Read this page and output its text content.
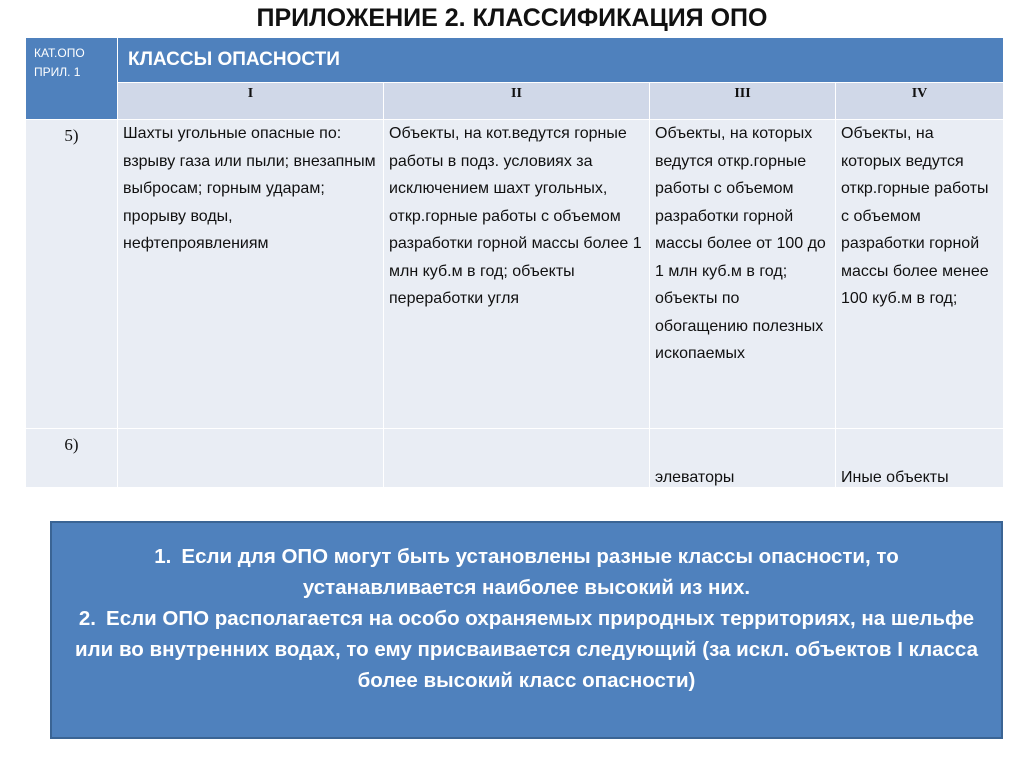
ПРИЛОЖЕНИЕ 2. КЛАССИФИКАЦИЯ ОПО
КАТ.ОПО
ПРИЛ. 1	КЛАССЫ ОПАСНОСТИ			
	I	II	III	IV
5)	Шахты угольные опасные по: взрыву газа или пыли; внезапным выбросам; горным ударам; прорыву воды, нефтепроявлениям	Объекты, на кот.ведутся горные работы в подз. условиях за исключением шахт угольных, откр.горные работы с объемом разработки горной массы более 1 млн куб.м в год; объекты переработки угля	Объекты, на которых ведутся откр.горные работы с объемом разработки горной массы более от 100 до 1 млн куб.м в год; объекты по обогащению полезных ископаемых	Объекты, на которых ведутся откр.горные работы с объемом разработки горной массы более менее 100 куб.м в год;
6)			элеваторы	Иные объекты
1. Если для ОПО могут быть установлены разные классы опасности, то устанавливается наиболее высокий из них.
2. Если ОПО располагается на особо охраняемых природных территориях, на шельфе или во внутренних водах, то ему присваивается следующий (за искл. объектов I класса более высокий класс опасности)
